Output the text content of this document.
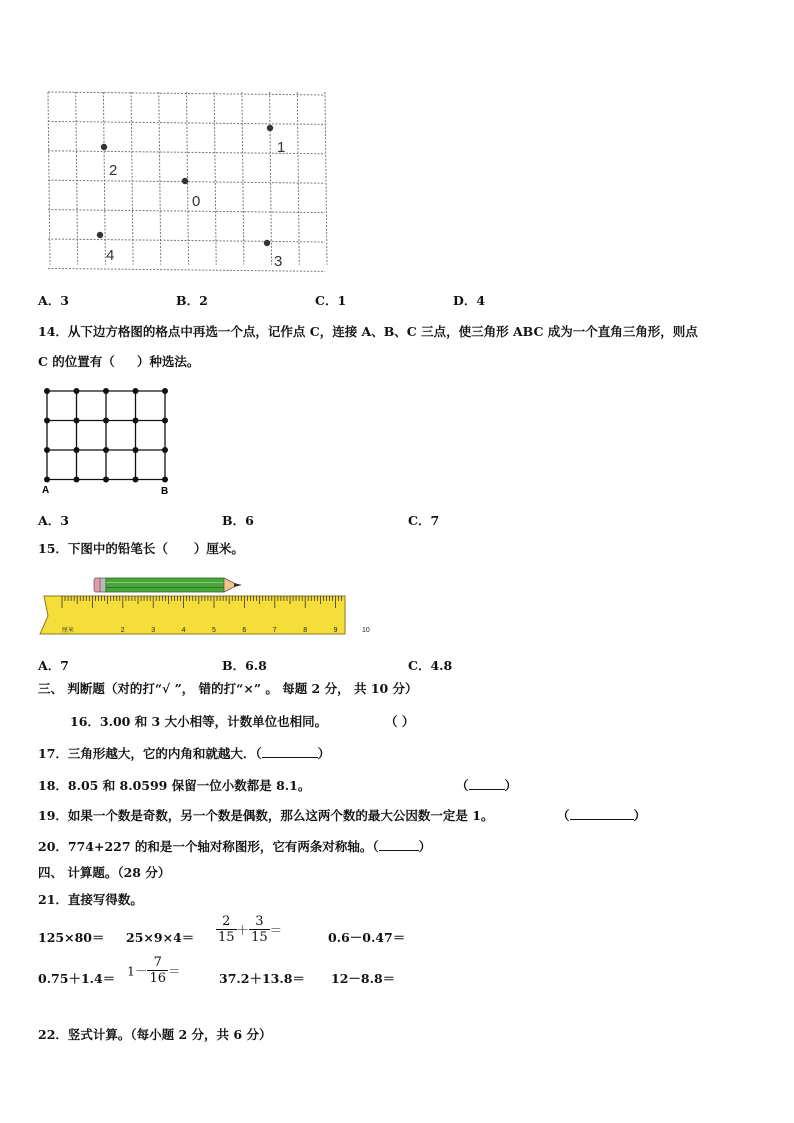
1
2
0
3
4
A．3	B．2	C．1	D．4
14．从下边方格图的格点中再选一个点，记作点 C，连接 A、B、C 三点，使三角形 ABC 成为一个直角三角形，则点
C 的位置有（ ）种选法。
A	B
A．3	B．6	C．7
15．下图中的铅笔长（ ）厘米。
2	3	4	5	6	7	8	9	10
厘米
A．7	B．6.8	C．4.8
三、 判断题（对的打“√ ”， 错的打“×” 。 每题 2 分， 共 10 分）
16．3.00 和 3 大小相等，计数单位也相同。	（ ）
17．三角形越大，它的内角和就越大．（	）
18．8.05 和 8.0599 保留一位小数都是 8.1。	（	）
19．如果一个数是奇数，另一个数是偶数，那么这两个数的最大公因数一定是 1。	（	）
20．774+227 的和是一个轴对称图形，它有两条对称轴。（	）
四、 计算题。（28 分）
21．直接写得数。
$125\times 80= 25\times 9\times 4= \frac{2}{15} + \frac{3}{15}$ ＝	0.6－0.47＝
$0.75+1.4= 1- \frac{7}{16}$ ＝	37.2＋13.8＝ 12－8.8＝
22．竖式计算。（每小题 2 分，共 6 分）
